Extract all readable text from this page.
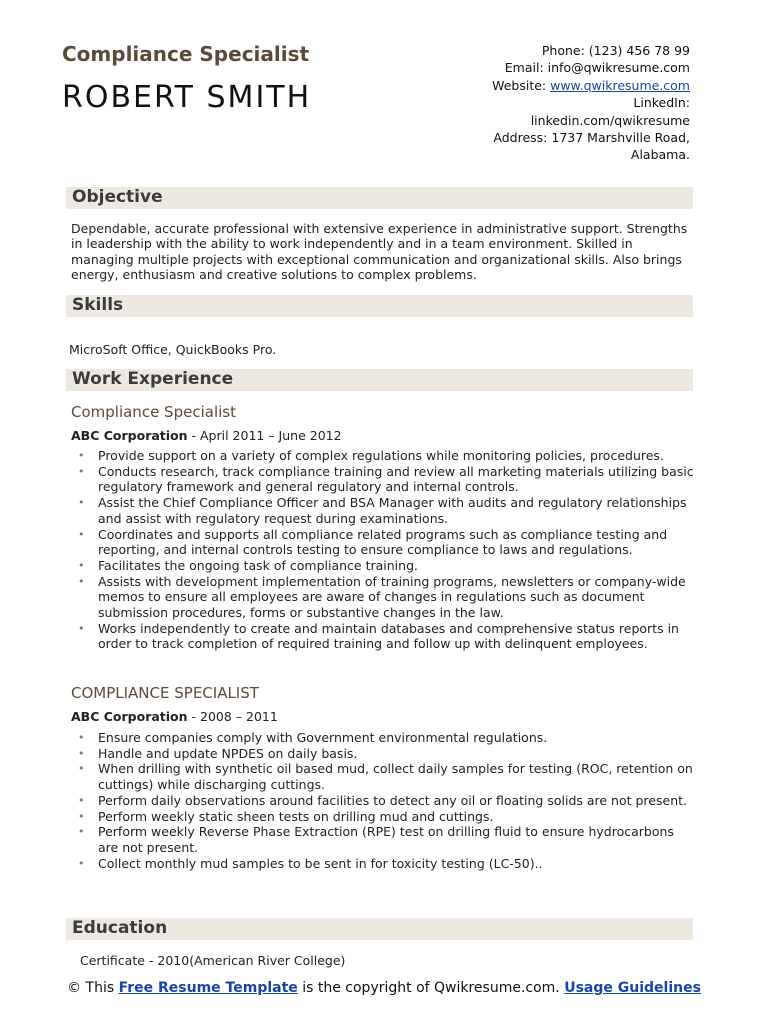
Compliance Specialist
ROBERT SMITH
Phone: (123) 456 78 99
Email: info@qwikresume.com
Website: www.qwikresume.com
LinkedIn:
linkedin.com/qwikresume
Address: 1737 Marshville Road,
Alabama.
Objective
Dependable, accurate professional with extensive experience in administrative support. Strengths in leadership with the ability to work independently and in a team environment. Skilled in managing multiple projects with exceptional communication and organizational skills. Also brings energy, enthusiasm and creative solutions to complex problems.
Skills
MicroSoft Office, QuickBooks Pro.
Work Experience
Compliance Specialist
ABC Corporation - April 2011 – June 2012
• Provide support on a variety of complex regulations while monitoring policies, procedures.
• Conducts research, track compliance training and review all marketing materials utilizing basic regulatory framework and general regulatory and internal controls.
• Assist the Chief Compliance Officer and BSA Manager with audits and regulatory relationships and assist with regulatory request during examinations.
• Coordinates and supports all compliance related programs such as compliance testing and reporting, and internal controls testing to ensure compliance to laws and regulations.
• Facilitates the ongoing task of compliance training.
• Assists with development implementation of training programs, newsletters or company-wide memos to ensure all employees are aware of changes in regulations such as document submission procedures, forms or substantive changes in the law.
• Works independently to create and maintain databases and comprehensive status reports in order to track completion of required training and follow up with delinquent employees.
COMPLIANCE SPECIALIST
ABC Corporation - 2008 – 2011
• Ensure companies comply with Government environmental regulations.
• Handle and update NPDES on daily basis.
• When drilling with synthetic oil based mud, collect daily samples for testing (ROC, retention on cuttings) while discharging cuttings.
• Perform daily observations around facilities to detect any oil or floating solids are not present.
• Perform weekly static sheen tests on drilling mud and cuttings.
• Perform weekly Reverse Phase Extraction (RPE) test on drilling fluid to ensure hydrocarbons are not present.
• Collect monthly mud samples to be sent in for toxicity testing (LC-50)..
Education
Certificate - 2010(American River College)
© This Free Resume Template is the copyright of Qwikresume.com. Usage Guidelines
